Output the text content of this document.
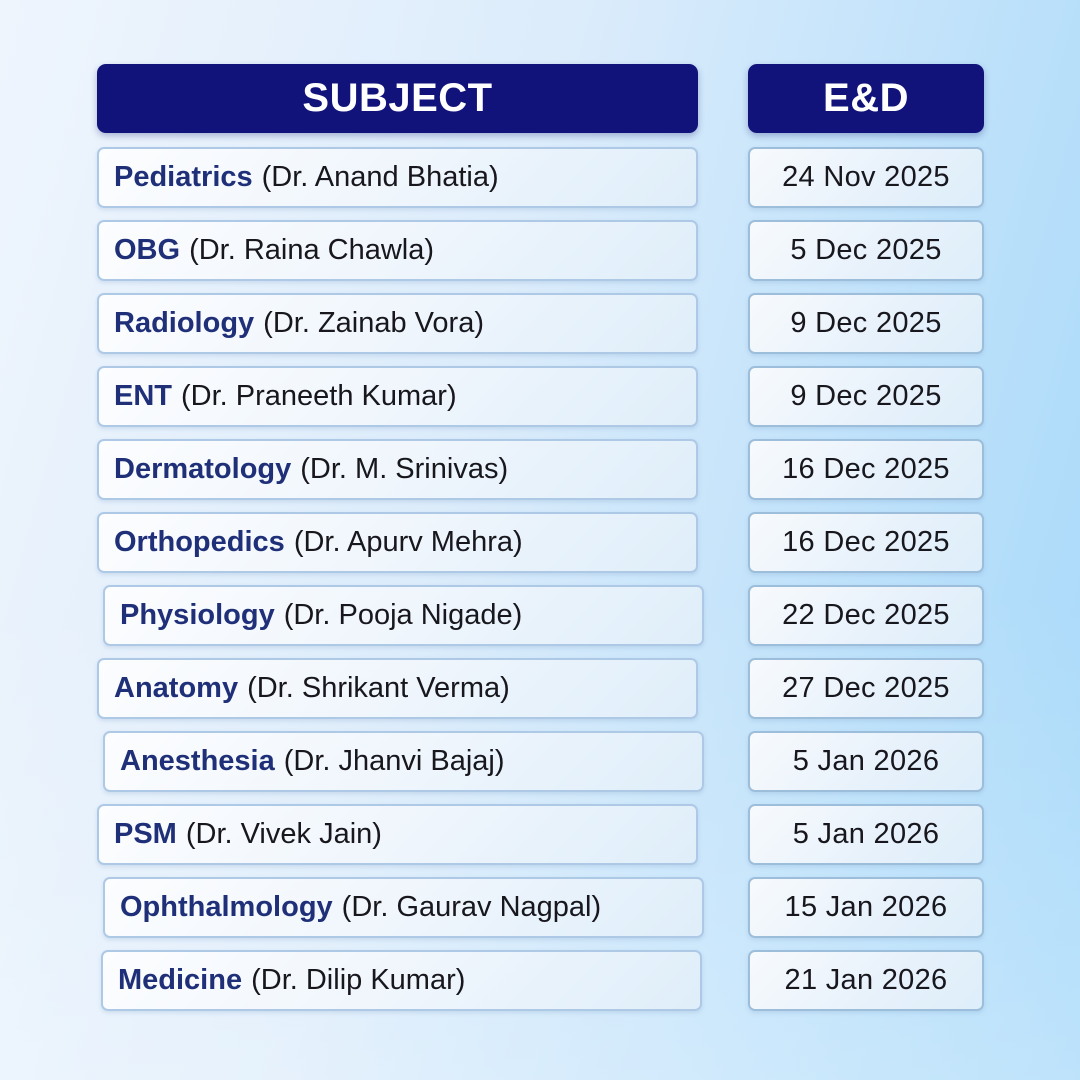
SUBJECT
Pediatrics (Dr. Anand Bhatia)
OBG (Dr. Raina Chawla)
Radiology (Dr. Zainab Vora)
ENT (Dr. Praneeth Kumar)
Dermatology (Dr. M. Srinivas)
Orthopedics (Dr. Apurv Mehra)
Physiology (Dr. Pooja Nigade)
Anatomy (Dr. Shrikant Verma)
Anesthesia (Dr. Jhanvi Bajaj)
PSM (Dr. Vivek Jain)
Ophthalmology (Dr. Gaurav Nagpal)
Medicine (Dr. Dilip Kumar)
E&D
24 Nov 2025
5 Dec 2025
9 Dec 2025
9 Dec 2025
16 Dec 2025
16 Dec 2025
22 Dec 2025
27 Dec 2025
5 Jan 2026
5 Jan 2026
15 Jan 2026
21 Jan 2026
